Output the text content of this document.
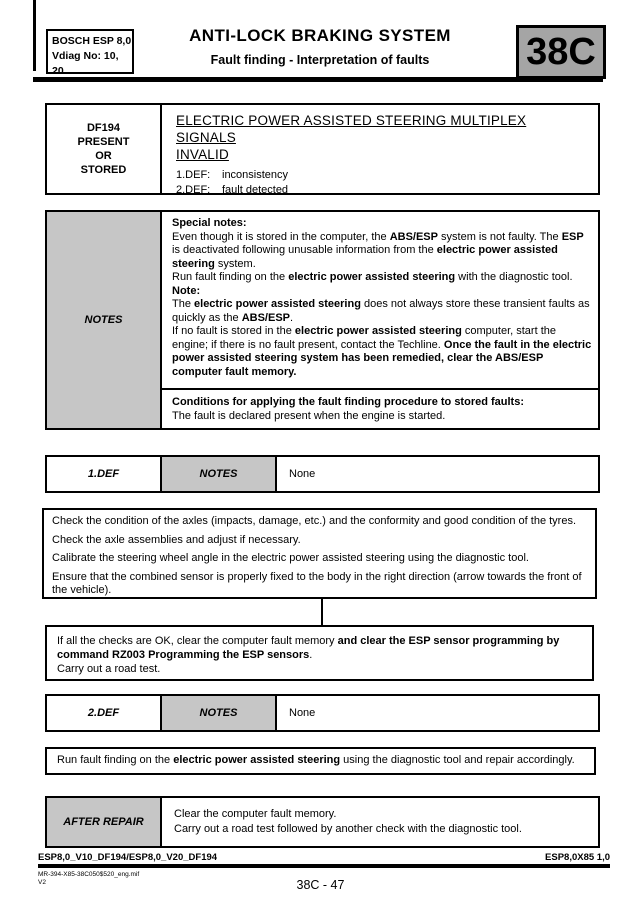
BOSCH ESP 8,0
Vdiag No: 10, 20
ANTI-LOCK BRAKING SYSTEM
Fault finding - Interpretation of faults	38C
DF194
PRESENT
OR
STORED
ELECTRIC POWER ASSISTED STEERING MULTIPLEX SIGNALS
INVALID
1.DEF: inconsistency
2.DEF: fault detected
NOTES
Special notes:
Even though it is stored in the computer, the ABS/ESP system is not faulty. The ESP is deactivated following unusable information from the electric power assisted steering system.
Run fault finding on the electric power assisted steering with the diagnostic tool.
Note:
The electric power assisted steering does not always store these transient faults as quickly as the ABS/ESP.
If no fault is stored in the electric power assisted steering computer, start the engine; if there is no fault present, contact the Techline. Once the fault in the electric power assisted steering system has been remedied, clear the ABS/ESP computer fault memory.
Conditions for applying the fault finding procedure to stored faults:
The fault is declared present when the engine is started.
1.DEF	NOTES	None
Check the condition of the axles (impacts, damage, etc.) and the conformity and good condition of the tyres.
Check the axle assemblies and adjust if necessary.
Calibrate the steering wheel angle in the electric power assisted steering using the diagnostic tool.
Ensure that the combined sensor is properly fixed to the body in the right direction (arrow towards the front of the vehicle).
If all the checks are OK, clear the computer fault memory and clear the ESP sensor programming by command RZ003 Programming the ESP sensors.
Carry out a road test.
2.DEF	NOTES	None
Run fault finding on the electric power assisted steering using the diagnostic tool and repair accordingly.
AFTER REPAIR
Clear the computer fault memory.
Carry out a road test followed by another check with the diagnostic tool.
ESP8,0_V10_DF194/ESP8,0_V20_DF194	ESP8,0X85 1,0
MR-394-X85-38C050$520_eng.mif
V2	38C - 47
